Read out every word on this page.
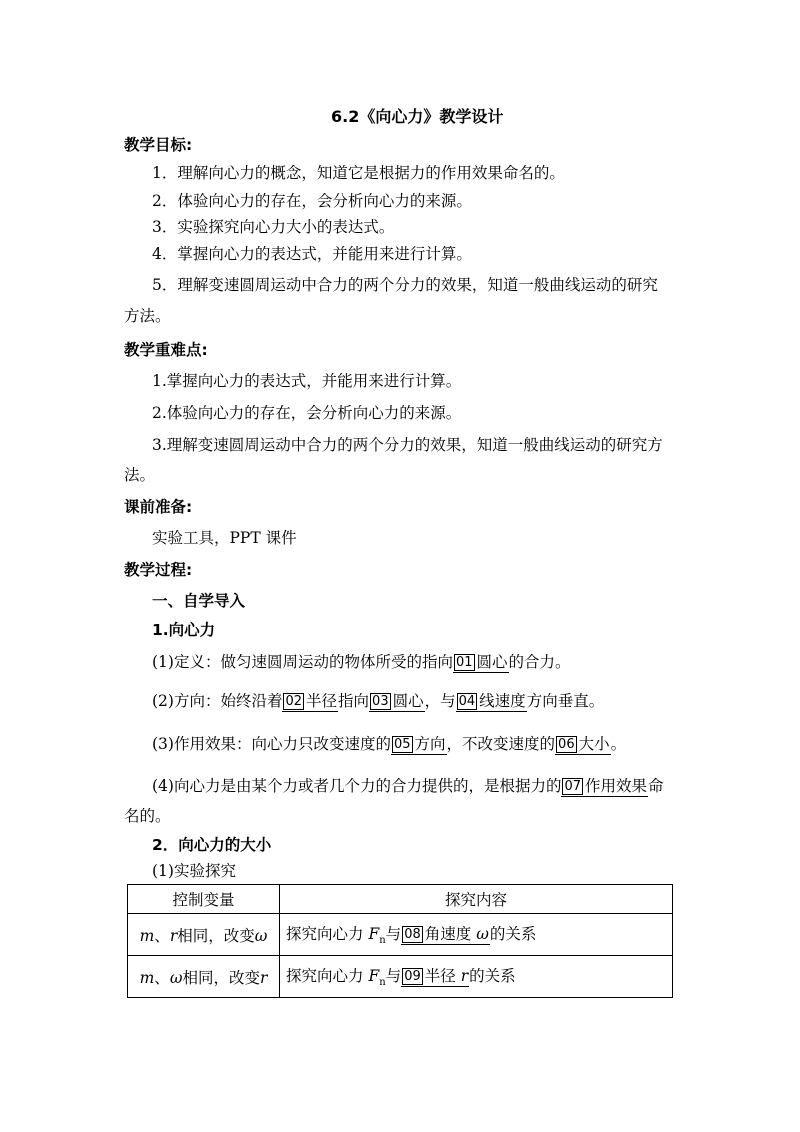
6.2《向心力》教学设计
教学目标:
1．理解向心力的概念，知道它是根据力的作用效果命名的。
2．体验向心力的存在，会分析向心力的来源。
3．实验探究向心力大小的表达式。
4．掌握向心力的表达式，并能用来进行计算。
5．理解变速圆周运动中合力的两个分力的效果，知道一般曲线运动的研究
方法。
教学重难点:
1.掌握向心力的表达式，并能用来进行计算。
2.体验向心力的存在，会分析向心力的来源。
3.理解变速圆周运动中合力的两个分力的效果，知道一般曲线运动的研究方
法。
课前准备:
实验工具，PPT 课件
教学过程:
一、自学导入
1.向心力
(1)定义：做匀速圆周运动的物体所受的指向 01 圆心的合力。
(2)方向：始终沿着 02 半径指向 03 圆心，与 04 线速度方向垂直。
(3)作用效果：向心力只改变速度的 05 方向，不改变速度的 06 大小。
(4)向心力是由某个力或者几个力的合力提供的，是根据力的 07 作用效果命
名的。
2．向心力的大小
(1)实验探究
控制变量	探究内容
m、r相同，改变ω	探究向心力 $F_n$与 08 角速度 ω的关系
m、ω相同，改变r	探究向心力 $F_n$与 09 半径 r的关系
